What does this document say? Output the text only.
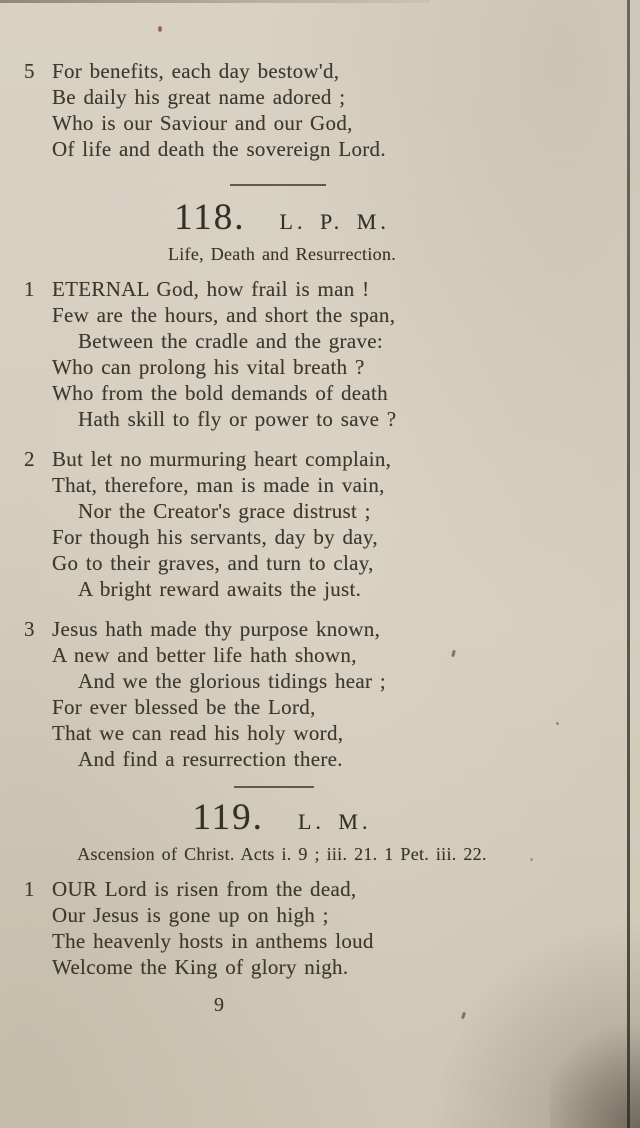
5 For benefits, each day bestow'd,
Be daily his great name adored ;
Who is our Saviour and our God,
Of life and death the sovereign Lord.
118. L. P. M.
Life, Death and Resurrection.
1 ETERNAL God, how frail is man !
Few are the hours, and short the span,
Between the cradle and the grave:
Who can prolong his vital breath ?
Who from the bold demands of death
Hath skill to fly or power to save ?
2 But let no murmuring heart complain,
That, therefore, man is made in vain,
Nor the Creator's grace distrust ;
For though his servants, day by day,
Go to their graves, and turn to clay,
A bright reward awaits the just.
3 Jesus hath made thy purpose known,
A new and better life hath shown,
And we the glorious tidings hear ;
For ever blessed be the Lord,
That we can read his holy word,
And find a resurrection there.
119. L. M.
Ascension of Christ. Acts i. 9 ; iii. 21. 1 Pet. iii. 22.
1 OUR Lord is risen from the dead,
Our Jesus is gone up on high ;
The heavenly hosts in anthems loud
Welcome the King of glory nigh.
9
